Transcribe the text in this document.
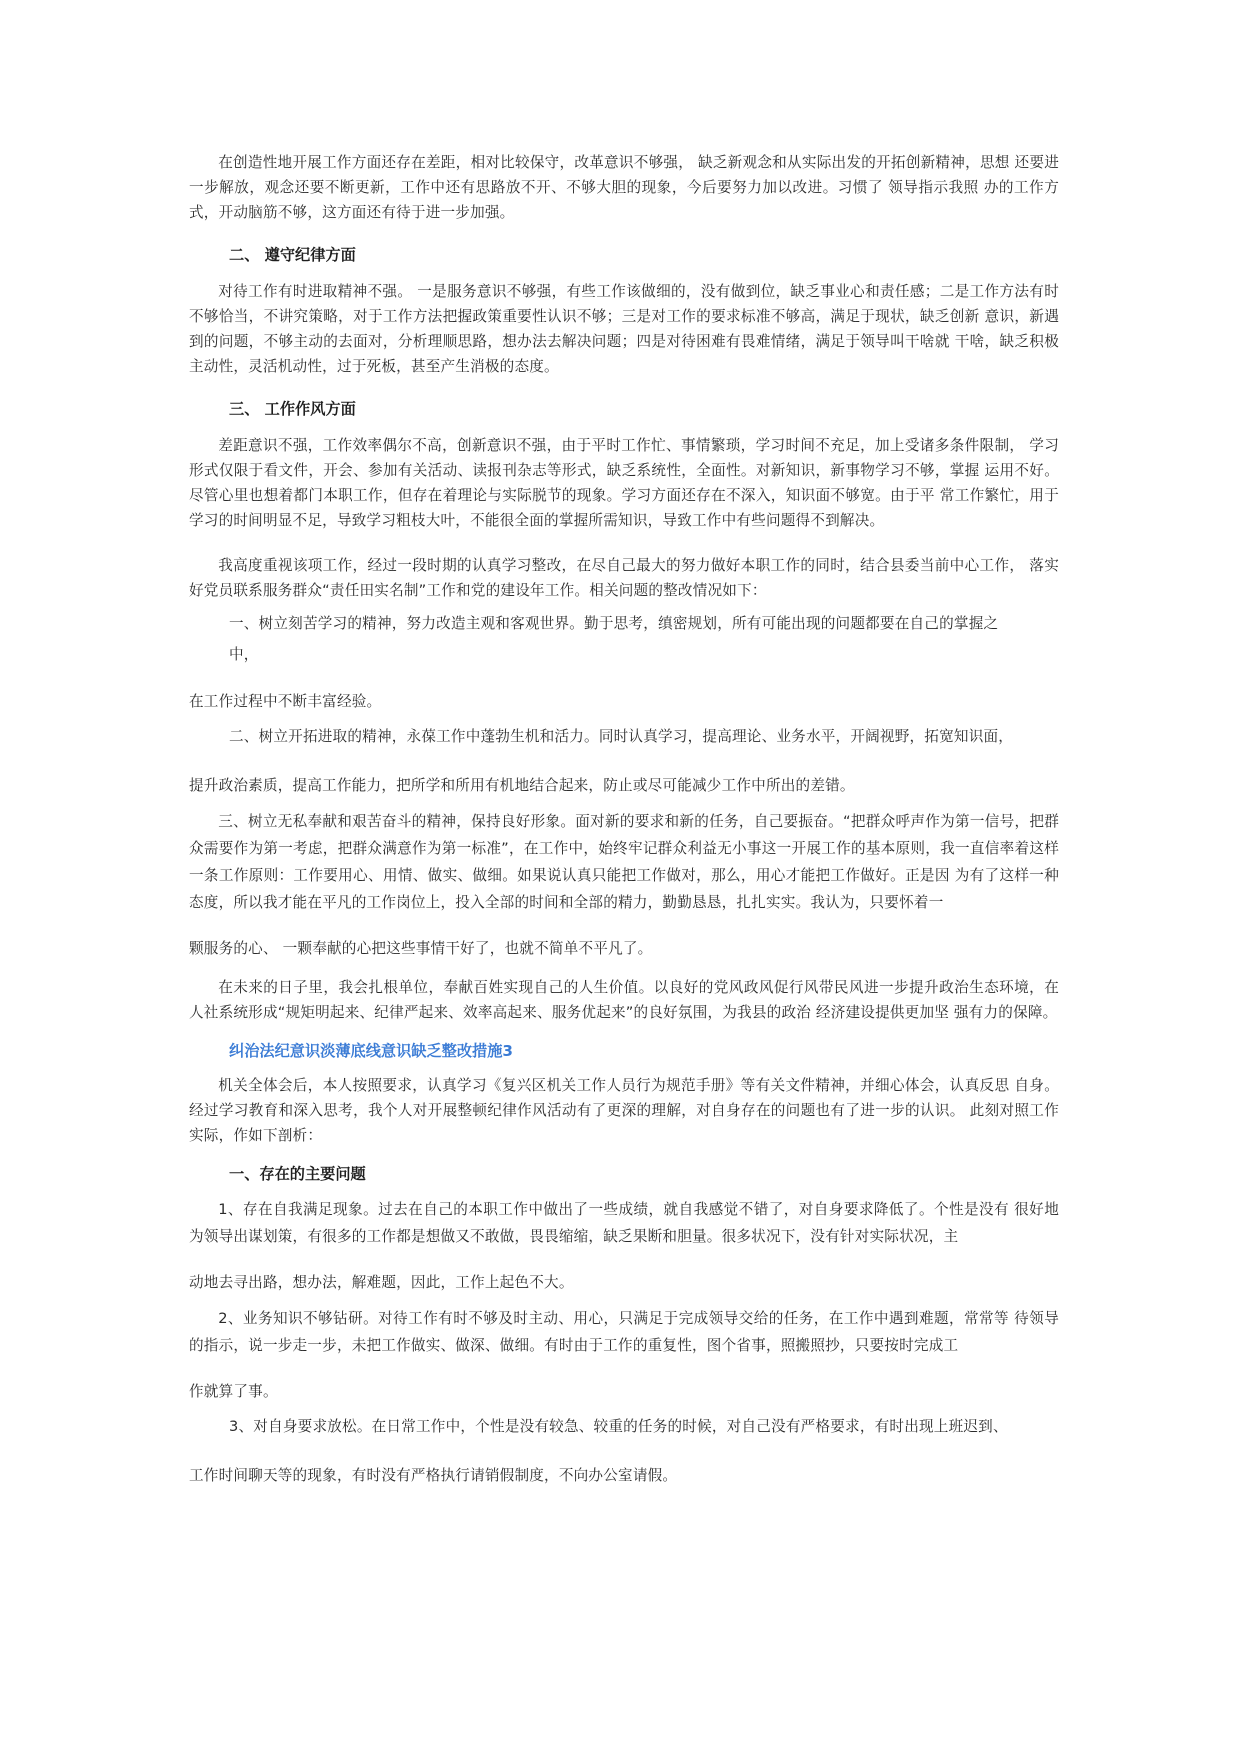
在创造性地开展工作方面还存在差距，相对比较保守，改革意识不够强， 缺乏新观念和从实际出发的开拓创新精神，思想 还要进一步解放，观念还要不断更新，工作中还有思路放不开、不够大胆的现象，今后要努力加以改进。习惯了 领导指示我照 办的工作方式，开动脑筋不够，这方面还有待于进一步加强。

二、 遵守纪律方面

对待工作有时进取精神不强。 一是服务意识不够强，有些工作该做细的，没有做到位，缺乏事业心和责任感；二是工作方法有时不够恰当，不讲究策略，对于工作方法把握政策重要性认识不够；三是对工作的要求标准不够高，满足于现状，缺乏创新 意识，新遇到的问题，不够主动的去面对，分析理顺思路，想办法去解决问题；四是对待困难有畏难情绪，满足于领导叫干啥就 干啥，缺乏积极主动性，灵活机动性，过于死板，甚至产生消极的态度。

三、 工作作风方面

差距意识不强，工作效率偶尔不高，创新意识不强，由于平时工作忙、事情繁琐，学习时间不充足，加上受诸多条件限制， 学习形式仅限于看文件，开会、参加有关活动、读报刊杂志等形式，缺乏系统性，全面性。对新知识，新事物学习不够，掌握 运用不好。尽管心里也想着都门本职工作，但存在着理论与实际脱节的现象。学习方面还存在不深入，知识面不够宽。由于平 常工作繁忙，用于学习的时间明显不足，导致学习粗枝大叶，不能很全面的掌握所需知识，导致工作中有些问题得不到解决。

我高度重视该项工作，经过一段时期的认真学习整改，在尽自己最大的努力做好本职工作的同时，结合县委当前中心工作， 落实好党员联系服务群众“责任田实名制”工作和党的建设年工作。相关问题的整改情况如下：

一、树立刻苦学习的精神，努力改造主观和客观世界。勤于思考，缜密规划，所有可能出现的问题都要在自己的掌握之

中，

在工作过程中不断丰富经验。

二、树立开拓进取的精神，永葆工作中蓬勃生机和活力。同时认真学习，提高理论、业务水平，开阔视野，拓宽知识面，

提升政治素质，提高工作能力，把所学和所用有机地结合起来，防止或尽可能减少工作中所出的差错。

三、树立无私奉献和艰苦奋斗的精神，保持良好形象。面对新的要求和新的任务，自己要振奋。“把群众呼声作为第一信号，把群众需要作为第一考虑，把群众满意作为第一标准”，在工作中，始终牢记群众利益无小事这一开展工作的基本原则，我一直信率着这样一条工作原则：工作要用心、用情、做实、做细。如果说认真只能把工作做对，那么，用心才能把工作做好。正是因 为有了这样一种态度，所以我才能在平凡的工作岗位上，投入全部的时间和全部的精力，勤勤恳恳，扎扎实实。我认为，只要怀着一

颗服务的心、 一颗奉献的心把这些事情干好了，也就不简单不平凡了。

在未来的日子里，我会扎根单位，奉献百姓实现自己的人生价值。以良好的党风政风促行风带民风进一步提升政治生态环境，在人社系统形成“规矩明起来、纪律严起来、效率高起来、服务优起来”的良好氛围，为我县的政治 经济建设提供更加坚 强有力的保障。

纠治法纪意识淡薄底线意识缺乏整改措施3

机关全体会后，本人按照要求，认真学习《复兴区机关工作人员行为规范手册》等有关文件精神，并细心体会，认真反思 自身。经过学习教育和深入思考，我个人对开展整顿纪律作风活动有了更深的理解，对自身存在的问题也有了进一步的认识。 此刻对照工作实际，作如下剖析：

一、存在的主要问题

1、存在自我满足现象。过去在自己的本职工作中做出了一些成绩，就自我感觉不错了，对自身要求降低了。个性是没有 很好地为领导出谋划策，有很多的工作都是想做又不敢做，畏畏缩缩，缺乏果断和胆量。很多状况下，没有针对实际状况，主

动地去寻出路，想办法，解难题，因此，工作上起色不大。

2、业务知识不够钻研。对待工作有时不够及时主动、用心，只满足于完成领导交给的任务，在工作中遇到难题，常常等 待领导的指示，说一步走一步，未把工作做实、做深、做细。有时由于工作的重复性，图个省事，照搬照抄，只要按时完成工

作就算了事。

3、对自身要求放松。在日常工作中，个性是没有较急、较重的任务的时候，对自己没有严格要求，有时出现上班迟到、

工作时间聊天等的现象，有时没有严格执行请销假制度，不向办公室请假。
